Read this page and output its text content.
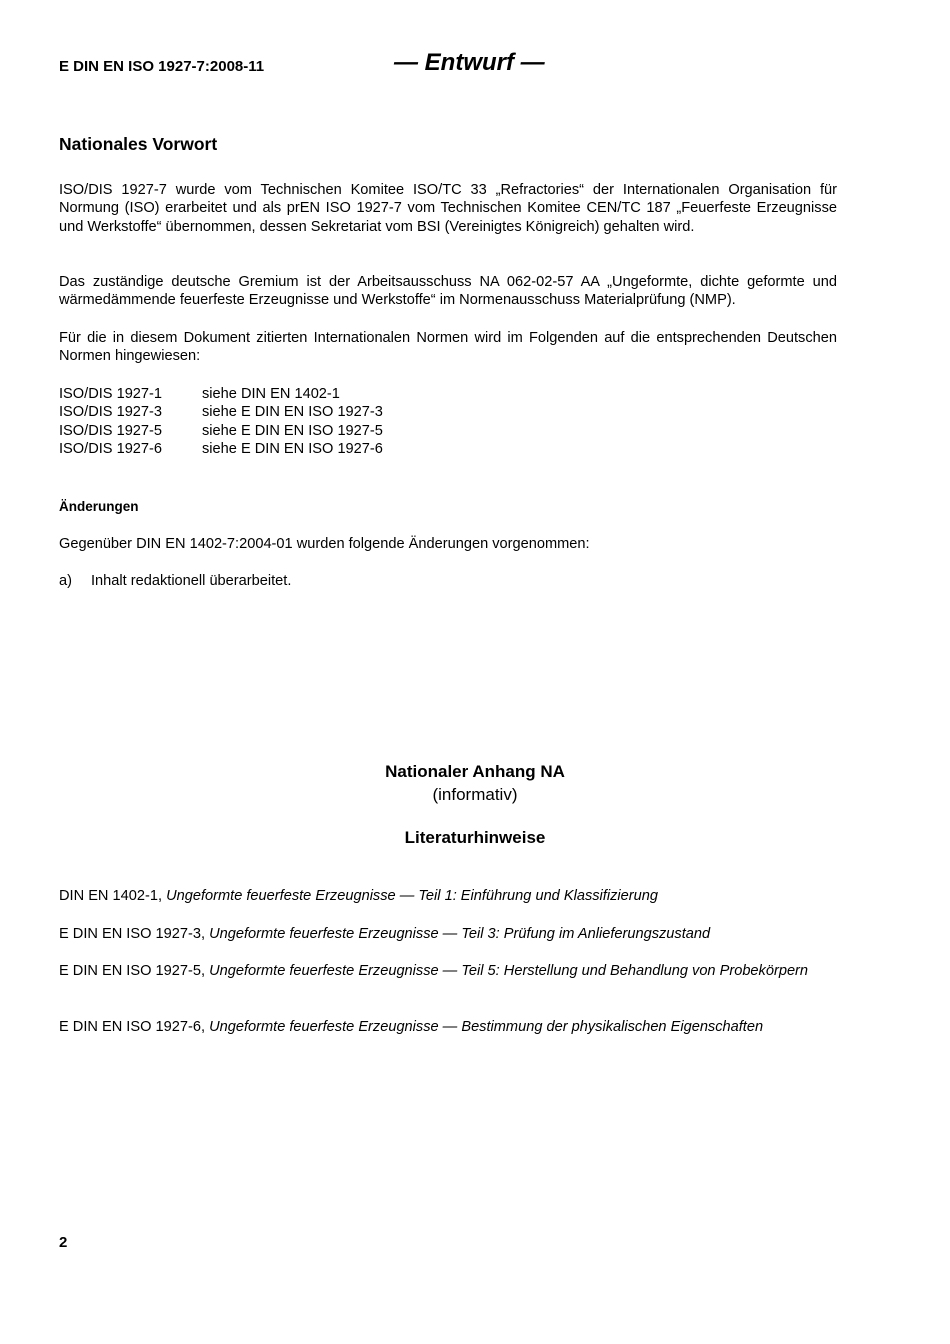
E DIN EN ISO 1927-7:2008-11	— Entwurf —
Nationales Vorwort
ISO/DIS 1927-7 wurde vom Technischen Komitee ISO/TC 33 „Refractories“ der Internationalen Organisation für Normung (ISO) erarbeitet und als prEN ISO 1927-7 vom Technischen Komitee CEN/TC 187 „Feuerfeste Erzeugnisse und Werkstoffe“ übernommen, dessen Sekretariat vom BSI (Vereinigtes Königreich) gehalten wird.
Das zuständige deutsche Gremium ist der Arbeitsausschuss NA 062-02-57 AA „Ungeformte, dichte geformte und wärmedämmende feuerfeste Erzeugnisse und Werkstoffe“ im Normenausschuss Materialprüfung (NMP).
Für die in diesem Dokument zitierten Internationalen Normen wird im Folgenden auf die entsprechenden Deutschen Normen hingewiesen:
ISO/DIS 1927-1	siehe DIN EN 1402-1
ISO/DIS 1927-3	siehe E DIN EN ISO 1927-3
ISO/DIS 1927-5	siehe E DIN EN ISO 1927-5
ISO/DIS 1927-6	siehe E DIN EN ISO 1927-6
Änderungen
Gegenüber DIN EN 1402-7:2004-01 wurden folgende Änderungen vorgenommen:
a) Inhalt redaktionell überarbeitet.
Nationaler Anhang NA
(informativ)
Literaturhinweise
DIN EN 1402-1, Ungeformte feuerfeste Erzeugnisse — Teil 1: Einführung und Klassifizierung
E DIN EN ISO 1927-3, Ungeformte feuerfeste Erzeugnisse — Teil 3: Prüfung im Anlieferungszustand
E DIN EN ISO 1927-5, Ungeformte feuerfeste Erzeugnisse — Teil 5: Herstellung und Behandlung von Probekörpern
E DIN EN ISO 1927-6, Ungeformte feuerfeste Erzeugnisse — Bestimmung der physikalischen Eigenschaften
2
